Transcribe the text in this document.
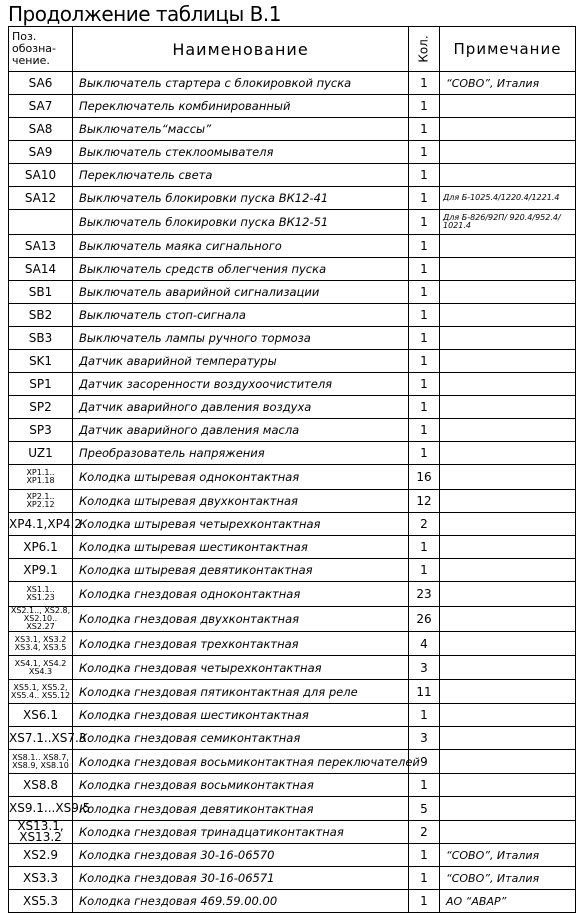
Продолжение таблицы В.1
Поз.
обозна-
чение.	Наименование	Кол.	Примечание
SA6	Выключатель стартера с блокировкой пуска	1	“СОВО”, Италия
SA7	Переключатель комбинированный	1	
SA8	Выключатель“массы”	1	
SA9	Выключатель стеклоомывателя	1	
SA10	Переключатель света	1	
SA12	Выключатель блокировки пуска ВК12-41	1	Для Б-1025.4/1220.4/1221.4
	Выключатель блокировки пуска ВК12-51	1	Для Б-826/92П/ 920.4/952.4/
1021.4
SA13	Выключатель маяка сигнального	1	
SA14	Выключатель средств облегчения пуска	1	
SB1	Выключатель аварийной сигнализации	1	
SB2	Выключатель стоп-сигнала	1	
SB3	Выключатель лампы ручного тормоза	1	
SK1	Датчик аварийной температуры	1	
SP1	Датчик засоренности воздухоочистителя	1	
SP2	Датчик аварийного давления воздуха	1	
SP3	Датчик аварийного давления масла	1	
UZ1	Преобразователь напряжения	1	
XP1.1..
XP1.18	Колодка штыревая одноконтактная	16	
XP2.1..
XP2.12	Колодка штыревая двухконтактная	12	
XP4.1,XP4.2	Колодка штыревая четырехконтактная	2	
XP6.1	Колодка штыревая шестиконтактная	1	
XP9.1	Колодка штыревая девятиконтактная	1	
XS1.1..
XS1.23	Колодка гнездовая одноконтактная	23	
XS2.1.., XS2.8,
XS2.10.. XS2.27	Колодка гнездовая двухконтактная	26	
XS3.1, XS3.2
XS3.4, XS3.5	Колодка гнездовая трехконтактная	4	
XS4.1, XS4.2
XS4.3	Колодка гнездовая четырехконтактная	3	
XS5.1, XS5.2,
XS5.4.. XS5.12	Колодка гнездовая пятиконтактная для реле	11	
XS6.1	Колодка гнездовая шестиконтактная	1	
XS7.1..XS7.3	Колодка гнездовая семиконтактная	3	
XS8.1.. XS8.7,
XS8.9, XS8.10	Колодка гнездовая восьмиконтактная переключателей	9	
XS8.8	Колодка гнездовая восьмиконтактная	1	
XS9.1...XS9.5	Колодка гнездовая девятиконтактная	5	
XS13.1, XS13.2	Колодка гнездовая тринадцатиконтактная	2	
XS2.9	Колодка гнездовая 30-16-06570	1	“СОВО”, Италия
XS3.3	Колодка гнездовая 30-16-06571	1	“СОВО”, Италия
XS5.3	Колодка гнездовая 469.59.00.00	1	АО “АВАР”
